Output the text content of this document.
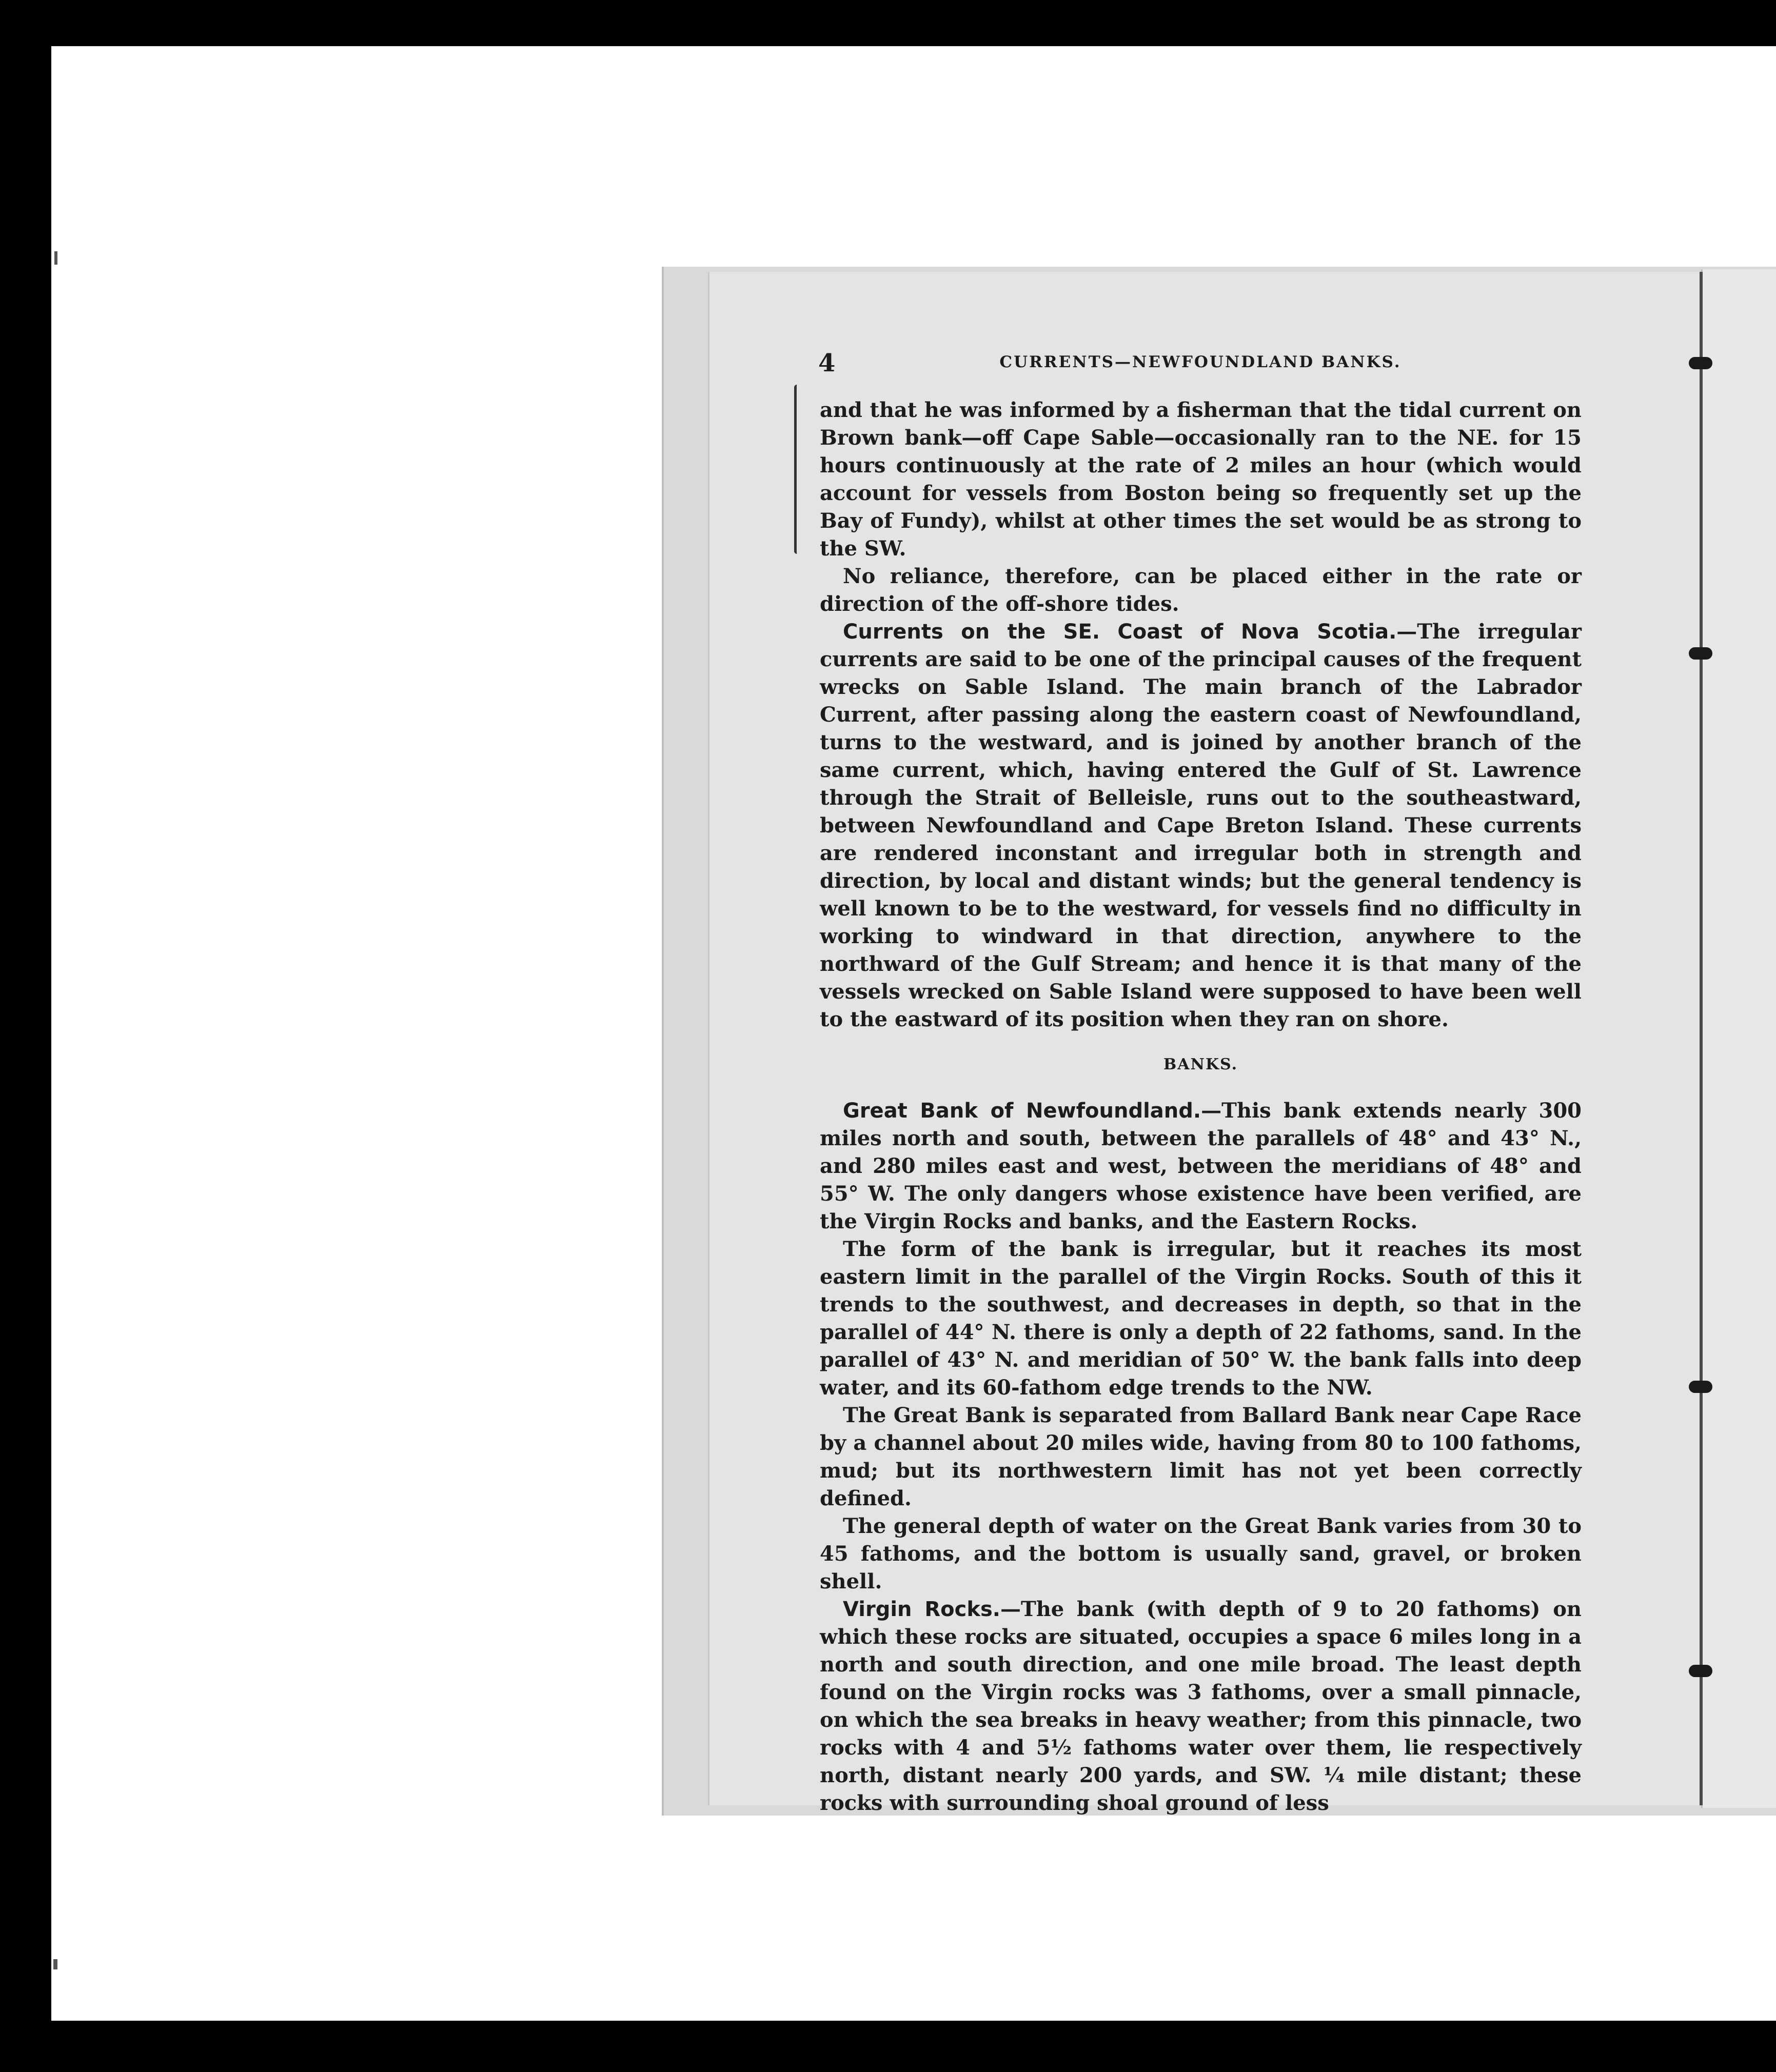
4	CURRENTS—NEWFOUNDLAND BANKS.

and that he was informed by a fisherman that the tidal current on Brown bank—off Cape Sable—occasionally ran to the NE. for 15 hours continuously at the rate of 2 miles an hour (which would account for vessels from Boston being so frequently set up the Bay of Fundy), whilst at other times the set would be as strong to the SW.

No reliance, therefore, can be placed either in the rate or direction of the off-shore tides.

Currents on the SE. Coast of Nova Scotia.—The irregular currents are said to be one of the principal causes of the frequent wrecks on Sable Island. The main branch of the Labrador Current, after passing along the eastern coast of Newfoundland, turns to the westward, and is joined by another branch of the same current, which, having entered the Gulf of St. Lawrence through the Strait of Belleisle, runs out to the southeastward, between Newfoundland and Cape Breton Island. These currents are rendered inconstant and irregular both in strength and direction, by local and distant winds; but the general tendency is well known to be to the westward, for vessels find no difficulty in working to windward in that direction, anywhere to the northward of the Gulf Stream; and hence it is that many of the vessels wrecked on Sable Island were supposed to have been well to the eastward of its position when they ran on shore.

BANKS.

Great Bank of Newfoundland.—This bank extends nearly 300 miles north and south, between the parallels of 48° and 43° N., and 280 miles east and west, between the meridians of 48° and 55° W. The only dangers whose existence have been verified, are the Virgin Rocks and banks, and the Eastern Rocks.

The form of the bank is irregular, but it reaches its most eastern limit in the parallel of the Virgin Rocks. South of this it trends to the southwest, and decreases in depth, so that in the parallel of 44° N. there is only a depth of 22 fathoms, sand. In the parallel of 43° N. and meridian of 50° W. the bank falls into deep water, and its 60-fathom edge trends to the NW.

The Great Bank is separated from Ballard Bank near Cape Race by a channel about 20 miles wide, having from 80 to 100 fathoms, mud; but its northwestern limit has not yet been correctly defined.

The general depth of water on the Great Bank varies from 30 to 45 fathoms, and the bottom is usually sand, gravel, or broken shell.

Virgin Rocks.—The bank (with depth of 9 to 20 fathoms) on which these rocks are situated, occupies a space 6 miles long in a north and south direction, and one mile broad. The least depth found on the Virgin rocks was 3 fathoms, over a small pinnacle, on which the sea breaks in heavy weather; from this pinnacle, two rocks with 4 and 5½ fathoms water over them, lie respectively north, distant nearly 200 yards, and SW. ¼ mile distant; these rocks with surrounding shoal ground of less
